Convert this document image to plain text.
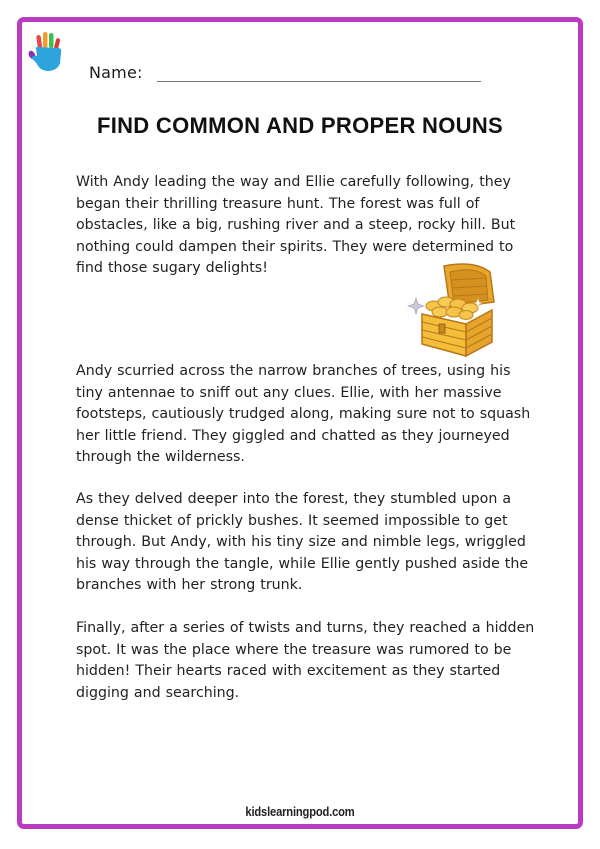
Name:
FIND COMMON AND PROPER NOUNS

With Andy leading the way and Ellie carefully following, they began their thrilling treasure hunt. The forest was full of obstacles, like a big, rushing river and a steep, rocky hill. But nothing could dampen their spirits. They were determined to find those sugary delights!

Andy scurried across the narrow branches of trees, using his tiny antennae to sniff out any clues. Ellie, with her massive footsteps, cautiously trudged along, making sure not to squash her little friend. They giggled and chatted as they journeyed through the wilderness.

As they delved deeper into the forest, they stumbled upon a dense thicket of prickly bushes. It seemed impossible to get through. But Andy, with his tiny size and nimble legs, wriggled his way through the tangle, while Ellie gently pushed aside the branches with her strong trunk.

Finally, after a series of twists and turns, they reached a hidden spot. It was the place where the treasure was rumored to be hidden! Their hearts raced with excitement as they started digging and searching.

kidslearningpod.com
